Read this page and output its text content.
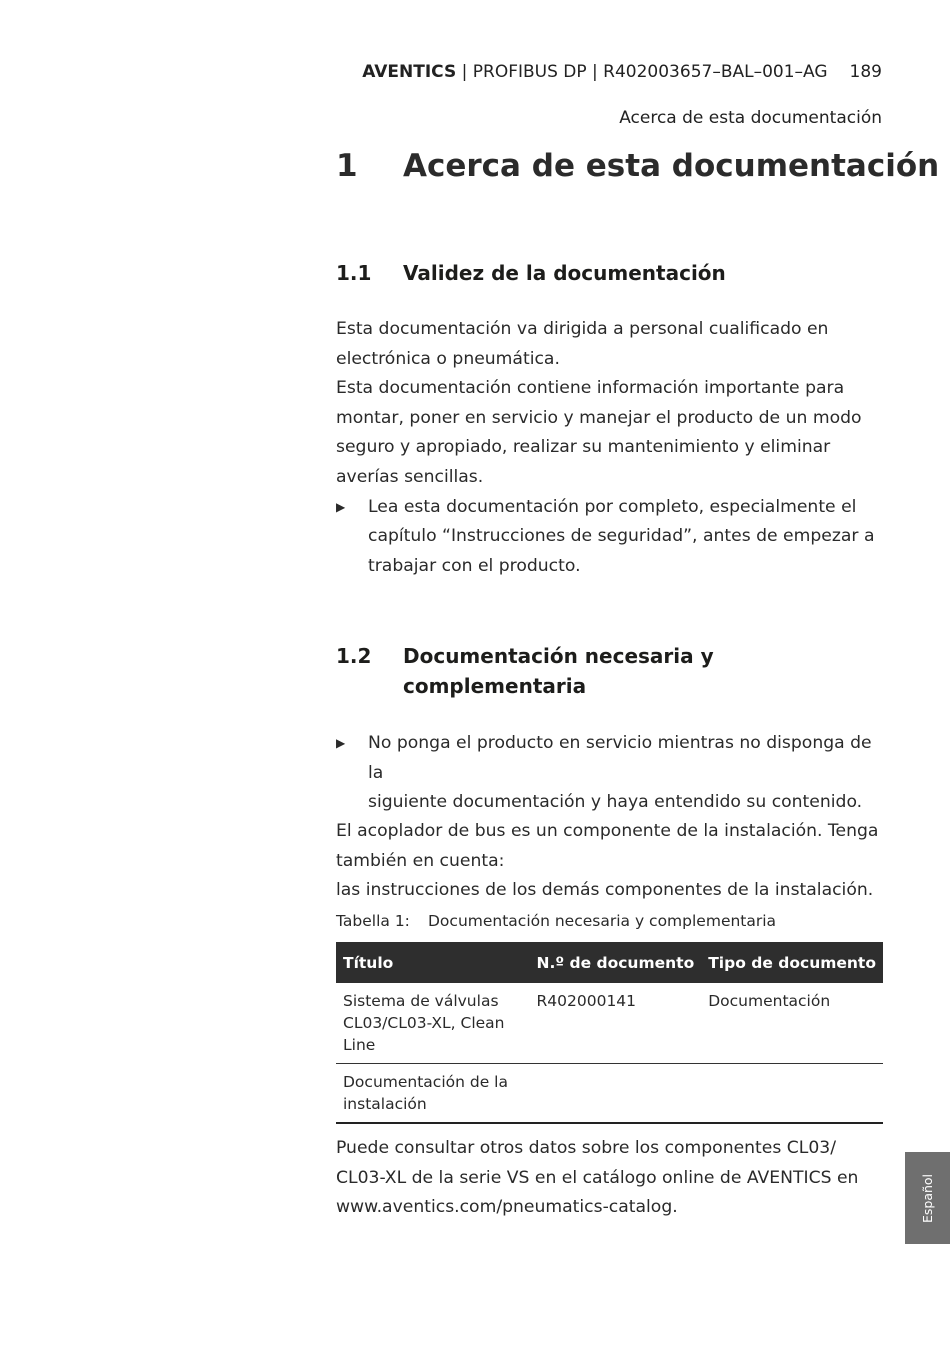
AVENTICS | PROFIBUS DP | R402003657–BAL–001–AG 189
Acerca de esta documentación
1 Acerca de esta documentación
1.1 Validez de la documentación
Esta documentación va dirigida a personal cualificado en
electrónica o pneumática.
Esta documentación contiene información importante para
montar, poner en servicio y manejar el producto de un modo
seguro y apropiado, realizar su mantenimiento y eliminar
averías sencillas.
▶ Lea esta documentación por completo, especialmente el
capítulo “Instrucciones de seguridad”, antes de empezar a
trabajar con el producto.
1.2 Documentación necesaria y
complementaria
▶ No ponga el producto en servicio mientras no disponga de la
siguiente documentación y haya entendido su contenido.
El acoplador de bus es un componente de la instalación. Tenga
también en cuenta:
las instrucciones de los demás componentes de la instalación.
Tabella 1: Documentación necesaria y complementaria
Título	N.º de documento	Tipo de documento
Sistema de válvulas
CL03/CL03-XL, Clean Line	R402000141	Documentación
Documentación de la
instalación		
Puede consultar otros datos sobre los componentes CL03/
CL03-XL de la serie VS en el catálogo online de AVENTICS en
www.aventics.com/pneumatics-catalog.	Español
